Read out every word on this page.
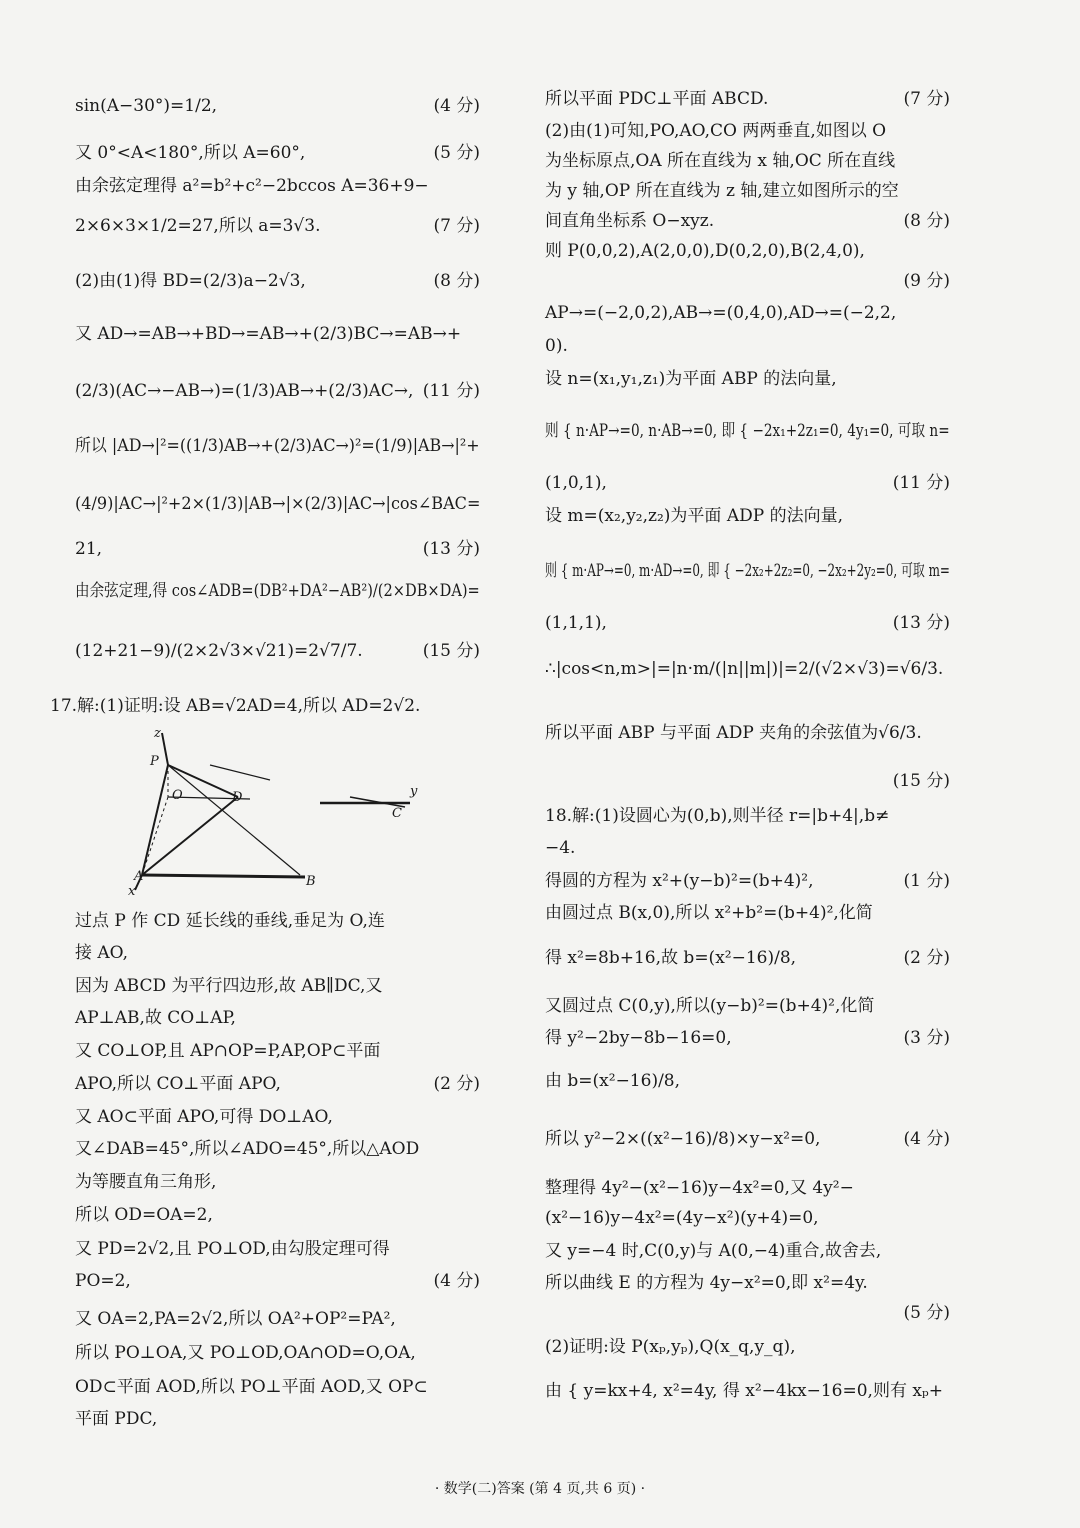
sin(A−30°)=1/2,	(4 分)
又 0°<A<180°,所以 A=60°,	(5 分)
由余弦定理得 a²=b²+c²−2bccos A=36+9−
2×6×3×1/2=27,所以 a=3√3.	(7 分)
(2)由(1)得 BD=(2/3)a−2√3,	(8 分)
又 AD→=AB→+BD→=AB→+(2/3)BC→=AB→+
(2/3)(AC→−AB→)=(1/3)AB→+(2/3)AC→, (11 分)
所以 |AD→|²=((1/3)AB→+(2/3)AC→)²=(1/9)|AB→|²+
(4/9)|AC→|²+2×(1/3)|AB→|×(2/3)|AC→|cos∠BAC=
21,	(13 分)
由余弦定理,得 cos∠ADB=(DB²+DA²−AB²)/(2×DB×DA)=
(12+21−9)/(2×2√3×√21)=2√7/7.	(15 分)
17.解:(1)证明:设 AB=√2AD=4,所以 AD=2√2.
过点 P 作 CD 延长线的垂线,垂足为 O,连
接 AO,
因为 ABCD 为平行四边形,故 AB∥DC,又
AP⊥AB,故 CO⊥AP,
又 CO⊥OP,且 AP∩OP=P,AP,OP⊂平面
APO,所以 CO⊥平面 APO,	(2 分)
又 AO⊂平面 APO,可得 DO⊥AO,
又∠DAB=45°,所以∠ADO=45°,所以△AOD
为等腰直角三角形,
所以 OD=OA=2,
又 PD=2√2,且 PO⊥OD,由勾股定理可得
PO=2,	(4 分)
又 OA=2,PA=2√2,所以 OA²+OP²=PA²,
所以 PO⊥OA,又 PO⊥OD,OA∩OD=O,OA,
OD⊂平面 AOD,所以 PO⊥平面 AOD,又 OP⊂
平面 PDC,
所以平面 PDC⊥平面 ABCD.	(7 分)
(2)由(1)可知,PO,AO,CO 两两垂直,如图以 O
为坐标原点,OA 所在直线为 x 轴,OC 所在直线
为 y 轴,OP 所在直线为 z 轴,建立如图所示的空
间直角坐标系 O−xyz.	(8 分)
则 P(0,0,2),A(2,0,0),D(0,2,0),B(2,4,0),
(9 分)
AP→=(−2,0,2),AB→=(0,4,0),AD→=(−2,2,
0).
设 n=(x₁,y₁,z₁)为平面 ABP 的法向量,
则 { n·AP→=0, n·AB→=0, 即 { −2x₁+2z₁=0, 4y₁=0, 可取 n=
(1,0,1),	(11 分)
设 m=(x₂,y₂,z₂)为平面 ADP 的法向量,
则 { m·AP→=0, m·AD→=0, 即 { −2x₂+2z₂=0, −2x₂+2y₂=0, 可取 m=
(1,1,1),	(13 分)
∴|cos<n,m>|=|n·m/(|n||m|)|=2/(√2×√3)=√6/3.
所以平面 ABP 与平面 ADP 夹角的余弦值为√6/3.
(15 分)
18.解:(1)设圆心为(0,b),则半径 r=|b+4|,b≠
−4.
得圆的方程为 x²+(y−b)²=(b+4)²,	(1 分)
由圆过点 B(x,0),所以 x²+b²=(b+4)²,化简
得 x²=8b+16,故 b=(x²−16)/8,	(2 分)
又圆过点 C(0,y),所以(y−b)²=(b+4)²,化简
得 y²−2by−8b−16=0,	(3 分)
由 b=(x²−16)/8,
所以 y²−2×((x²−16)/8)×y−x²=0,	(4 分)
整理得 4y²−(x²−16)y−4x²=0,又 4y²−
(x²−16)y−4x²=(4y−x²)(y+4)=0,
又 y=−4 时,C(0,y)与 A(0,−4)重合,故舍去,
所以曲线 E 的方程为 4y−x²=0,即 x²=4y.
(5 分)
(2)证明:设 P(xₚ,yₚ),Q(x_q,y_q),
由 { y=kx+4, x²=4y, 得 x²−4kx−16=0,则有 xₚ+
z
P
O	D
A	B
x
y
C
· 数学(二)答案 (第 4 页,共 6 页) ·
